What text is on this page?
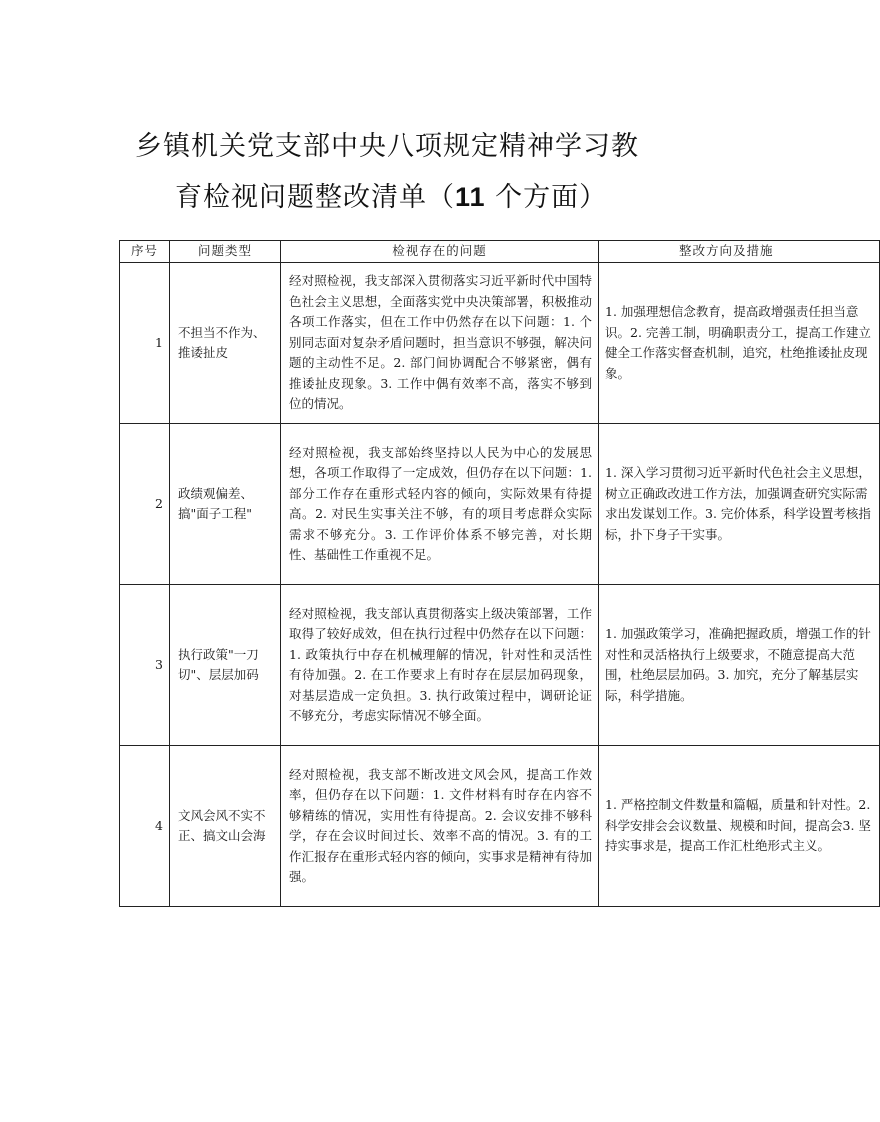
乡镇机关党支部中央八项规定精神学习教
育检视问题整改清单（11 个方面）
序号	问题类型	检视存在的问题	整改方向及措施
1	不担当不作为、推诿扯皮	经对照检视，我支部深入贯彻落实习近平新时代中国特色社会主义思想，全面落实党中央决策部署，积极推动各项工作落实，但在工作中仍然存在以下问题：1. 个别同志面对复杂矛盾问题时，担当意识不够强，解决问题的主动性不足。2. 部门间协调配合不够紧密，偶有推诿扯皮现象。3. 工作中偶有效率不高，落实不够到位的情况。	1. 加强理想信念教育，提高政增强责任担当意识。2. 完善工制，明确职责分工，提高工作建立健全工作落实督查机制，追究，杜绝推诿扯皮现象。
2	政绩观偏差、搞"面子工程"	经对照检视，我支部始终坚持以人民为中心的发展思想，各项工作取得了一定成效，但仍存在以下问题：1. 部分工作存在重形式轻内容的倾向，实际效果有待提高。2. 对民生实事关注不够，有的项目考虑群众实际需求不够充分。3. 工作评价体系不够完善，对长期性、基础性工作重视不足。	1. 深入学习贯彻习近平新时代色社会主义思想，树立正确政改进工作方法，加强调查研究实际需求出发谋划工作。3. 完价体系，科学设置考核指标，扑下身子干实事。
3	执行政策"一刀切"、层层加码	经对照检视，我支部认真贯彻落实上级决策部署，工作取得了较好成效，但在执行过程中仍然存在以下问题：1. 政策执行中存在机械理解的情况，针对性和灵活性有待加强。2. 在工作要求上有时存在层层加码现象，对基层造成一定负担。3. 执行政策过程中，调研论证不够充分，考虑实际情况不够全面。	1. 加强政策学习，准确把握政质，增强工作的针对性和灵活格执行上级要求，不随意提高大范围，杜绝层层加码。3. 加究，充分了解基层实际，科学措施。
4	文风会风不实不正、搞文山会海	经对照检视，我支部不断改进文风会风，提高工作效率，但仍存在以下问题：1. 文件材料有时存在内容不够精练的情况，实用性有待提高。2. 会议安排不够科学，存在会议时间过长、效率不高的情况。3. 有的工作汇报存在重形式轻内容的倾向，实事求是精神有待加强。	1. 严格控制文件数量和篇幅，质量和针对性。2. 科学安排会会议数量、规模和时间，提高会3. 坚持实事求是，提高工作汇杜绝形式主义。
